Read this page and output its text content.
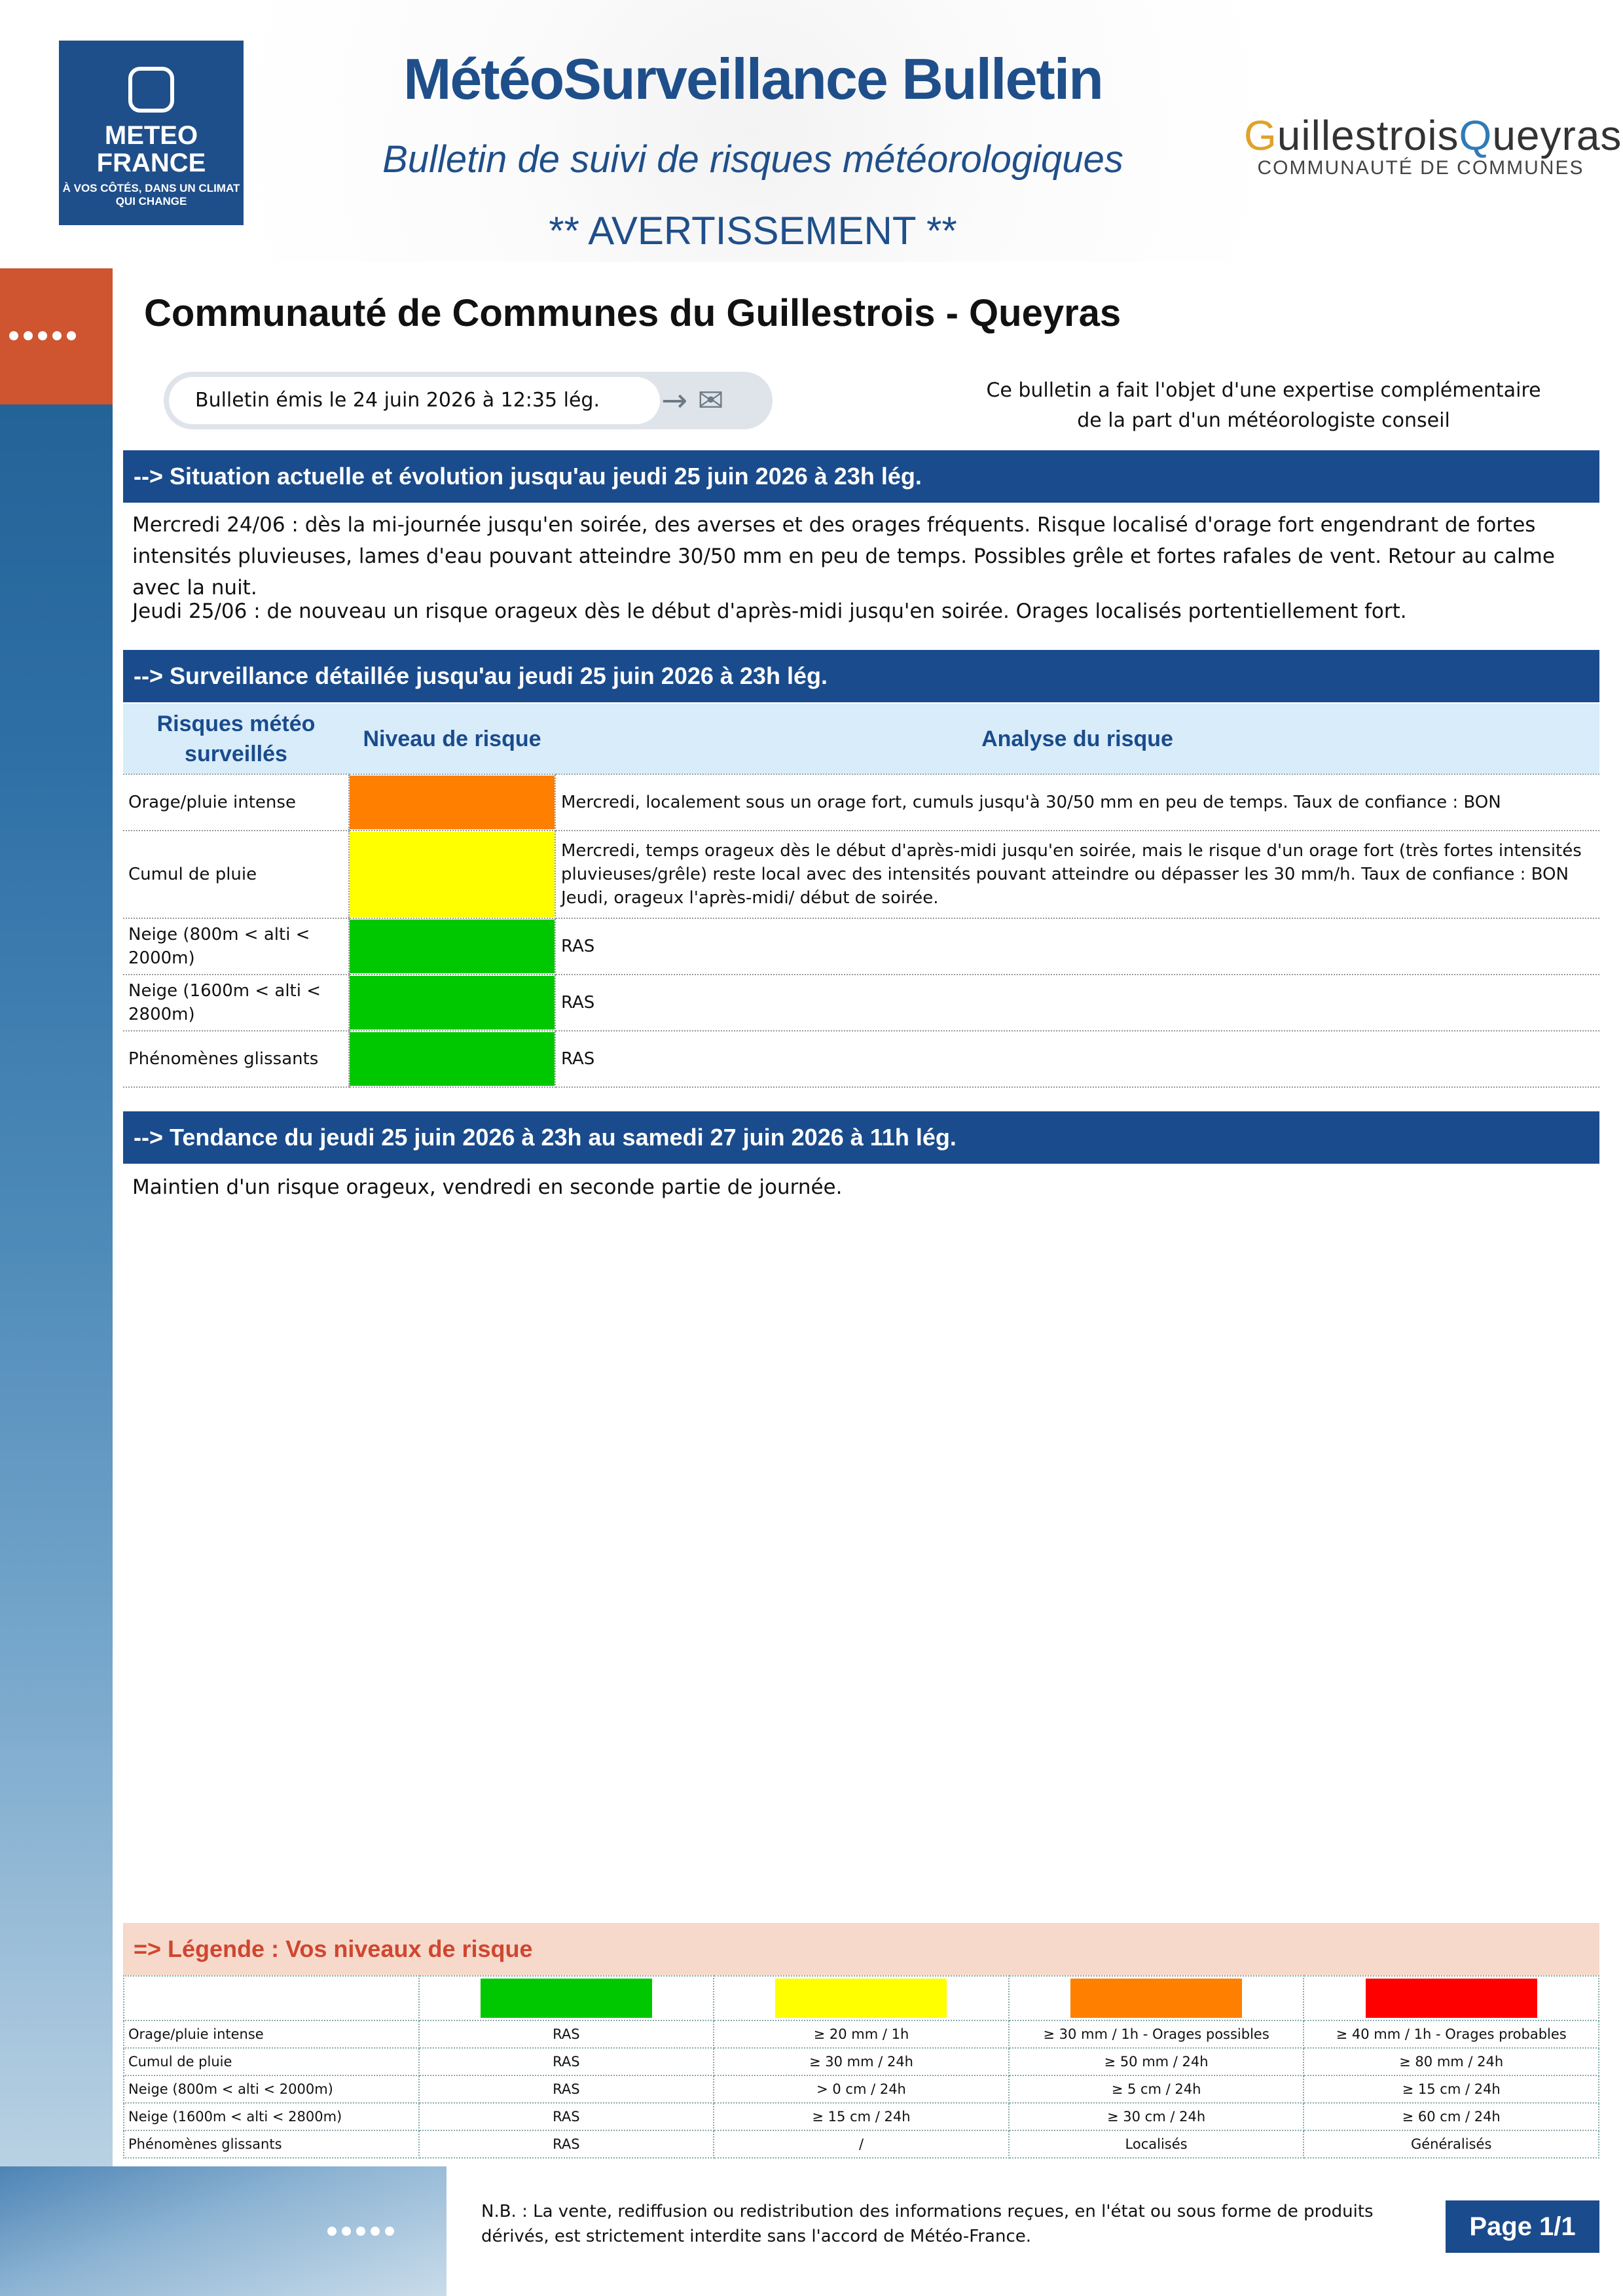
METEO
FRANCE
À VOS CÔTÉS, DANS UN CLIMAT QUI CHANGE
MétéoSurveillance Bulletin
Bulletin de suivi de risques météorologiques
** AVERTISSEMENT **
GuillestroisQueyras
COMMUNAUTÉ DE COMMUNES
Communauté de Communes du Guillestrois - Queyras
Bulletin émis le 24 juin 2026 à 12:35 lég.	→ ✉	Ce bulletin a fait l'objet d'une expertise complémentaire
de la part d'un météorologiste conseil
--> Situation actuelle et évolution jusqu'au jeudi 25 juin 2026 à 23h lég.
Mercredi 24/06 : dès la mi-journée jusqu'en soirée, des averses et des orages fréquents. Risque localisé d'orage fort engendrant de fortes intensités pluvieuses, lames d'eau pouvant atteindre 30/50 mm en peu de temps. Possibles grêle et fortes rafales de vent. Retour au calme avec la nuit.
Jeudi 25/06 : de nouveau un risque orageux dès le début d'après-midi jusqu'en soirée. Orages localisés portentiellement fort.
--> Surveillance détaillée jusqu'au jeudi 25 juin 2026 à 23h lég.
Risques météo surveillés	Niveau de risque	Analyse du risque
Orage/pluie intense		Mercredi, localement sous un orage fort, cumuls jusqu'à 30/50 mm en peu de temps. Taux de confiance : BON
Cumul de pluie		Mercredi, temps orageux dès le début d'après-midi jusqu'en soirée, mais le risque d'un orage fort (très fortes intensités pluvieuses/grêle) reste local avec des intensités pouvant atteindre ou dépasser les 30 mm/h. Taux de confiance : BON
Jeudi, orageux l'après-midi/ début de soirée.
Neige (800m < alti < 2000m)		RAS
Neige (1600m < alti < 2800m)		RAS
Phénomènes glissants		RAS
--> Tendance du jeudi 25 juin 2026 à 23h au samedi 27 juin 2026 à 11h lég.
Maintien d'un risque orageux, vendredi en seconde partie de journée.
=> Légende : Vos niveaux de risque

Orage/pluie intense	RAS	≥ 20 mm / 1h	≥ 30 mm / 1h - Orages possibles	≥ 40 mm / 1h - Orages probables
Cumul de pluie	RAS	≥ 30 mm / 24h	≥ 50 mm / 24h	≥ 80 mm / 24h
Neige (800m < alti < 2000m)	RAS	> 0 cm / 24h	≥ 5 cm / 24h	≥ 15 cm / 24h
Neige (1600m < alti < 2800m)	RAS	≥ 15 cm / 24h	≥ 30 cm / 24h	≥ 60 cm / 24h
Phénomènes glissants	RAS	/	Localisés	Généralisés
N.B. : La vente, rediffusion ou redistribution des informations reçues, en l'état ou sous forme de produits dérivés, est strictement interdite sans l'accord de Météo-France.	Page 1/1
